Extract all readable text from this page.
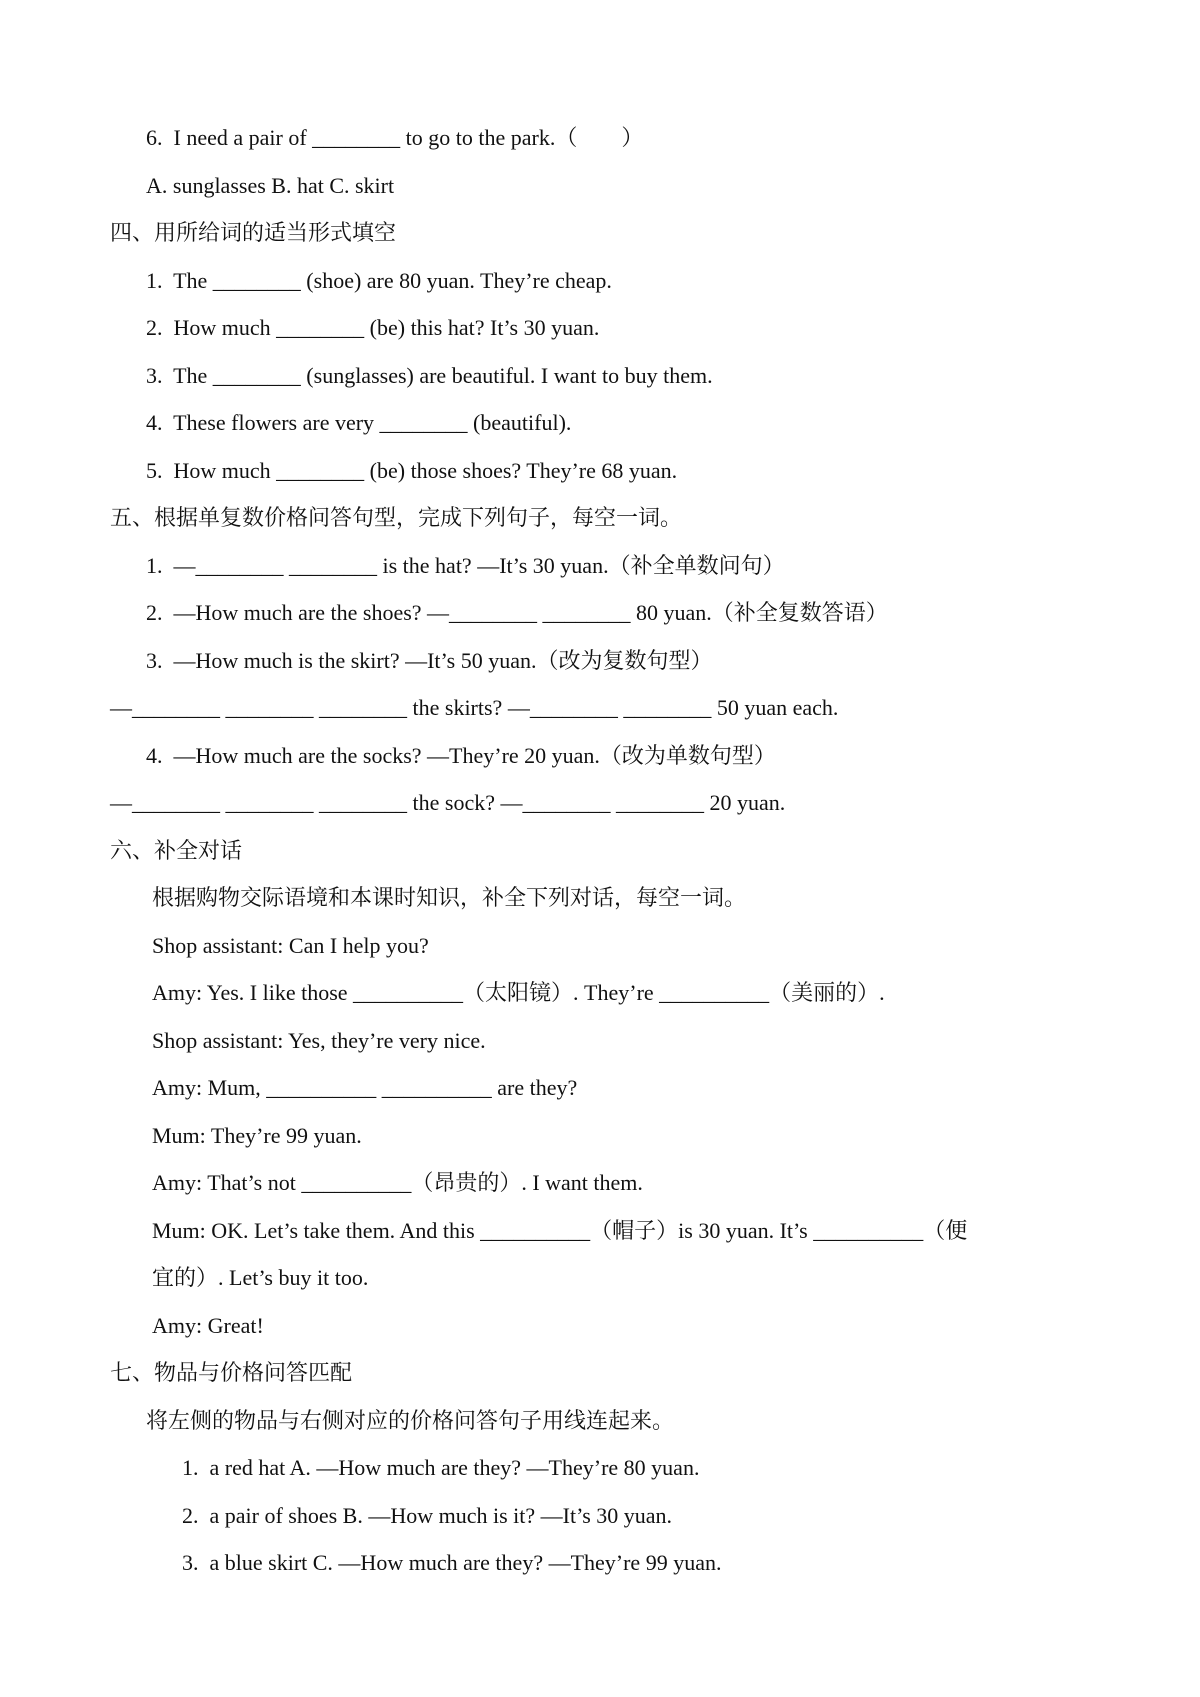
6.  I need a pair of ________ to go to the park.（        ）
A. sunglasses B. hat C. skirt
四、用所给词的适当形式填空
1.  The ________ (shoe) are 80 yuan. They’re cheap.
2.  How much ________ (be) this hat? It’s 30 yuan.
3.  The ________ (sunglasses) are beautiful. I want to buy them.
4.  These flowers are very ________ (beautiful).
5.  How much ________ (be) those shoes? They’re 68 yuan.
五、根据单复数价格问答句型，完成下列句子，每空一词。
1.  —________ ________ is the hat? —It’s 30 yuan.（补全单数问句）
2.  —How much are the shoes? —________ ________ 80 yuan.（补全复数答语）
3.  —How much is the skirt? —It’s 50 yuan.（改为复数句型）
—________ ________ ________ the skirts? —________ ________ 50 yuan each.
4.  —How much are the socks? —They’re 20 yuan.（改为单数句型）
—________ ________ ________ the sock? —________ ________ 20 yuan.
六、补全对话
根据购物交际语境和本课时知识，补全下列对话，每空一词。
Shop assistant: Can I help you?
Amy: Yes. I like those __________（太阳镜）. They’re __________（美丽的）.
Shop assistant: Yes, they’re very nice.
Amy: Mum, __________ __________ are they?
Mum: They’re 99 yuan.
Amy: That’s not __________（昂贵的）. I want them.
Mum: OK. Let’s take them. And this __________（帽子）is 30 yuan. It’s __________（便
宜的）. Let’s buy it too.
Amy: Great!
七、物品与价格问答匹配
将左侧的物品与右侧对应的价格问答句子用线连起来。
1.  a red hat A. —How much are they? —They’re 80 yuan.
2.  a pair of shoes B. —How much is it? —It’s 30 yuan.
3.  a blue skirt C. —How much are they? —They’re 99 yuan.
